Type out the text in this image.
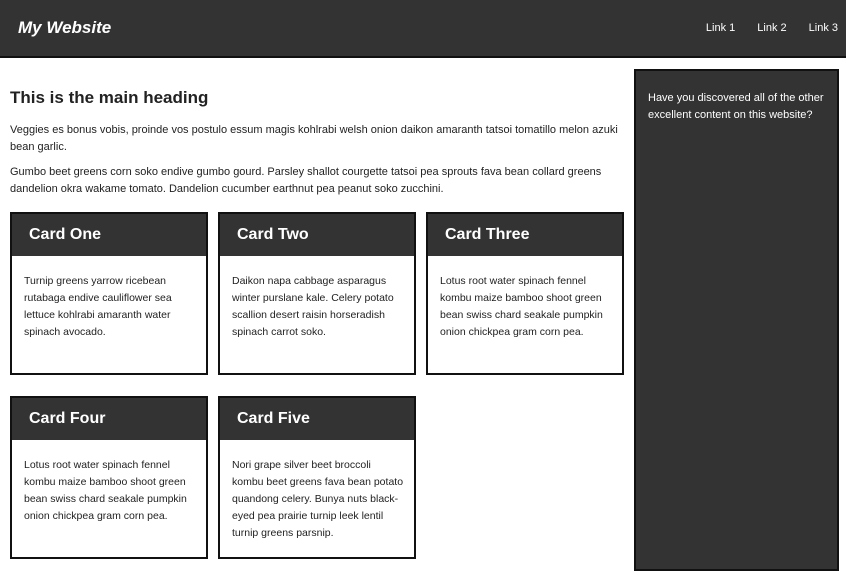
My Website	Link 1 Link 2 Link 3
This is the main heading

Veggies es bonus vobis, proinde vos postulo essum magis kohlrabi welsh onion daikon amaranth tatsoi tomatillo melon azuki bean garlic.

Gumbo beet greens corn soko endive gumbo gourd. Parsley shallot courgette tatsoi pea sprouts fava bean collard greens dandelion okra wakame tomato. Dandelion cucumber earthnut pea peanut soko zucchini.

Card One
Turnip greens yarrow ricebean rutabaga endive cauliflower sea lettuce kohlrabi amaranth water spinach avocado.
Card Two
Daikon napa cabbage asparagus winter purslane kale. Celery potato scallion desert raisin horseradish spinach carrot soko.
Card Three
Lotus root water spinach fennel kombu maize bamboo shoot green bean swiss chard seakale pumpkin onion chickpea gram corn pea.
Card Four
Lotus root water spinach fennel kombu maize bamboo shoot green bean swiss chard seakale pumpkin onion chickpea gram corn pea.
Card Five
Nori grape silver beet broccoli kombu beet greens fava bean potato quandong celery. Bunya nuts black-eyed pea prairie turnip leek lentil turnip greens parsnip.
Have you discovered all of the other excellent content on this website?
